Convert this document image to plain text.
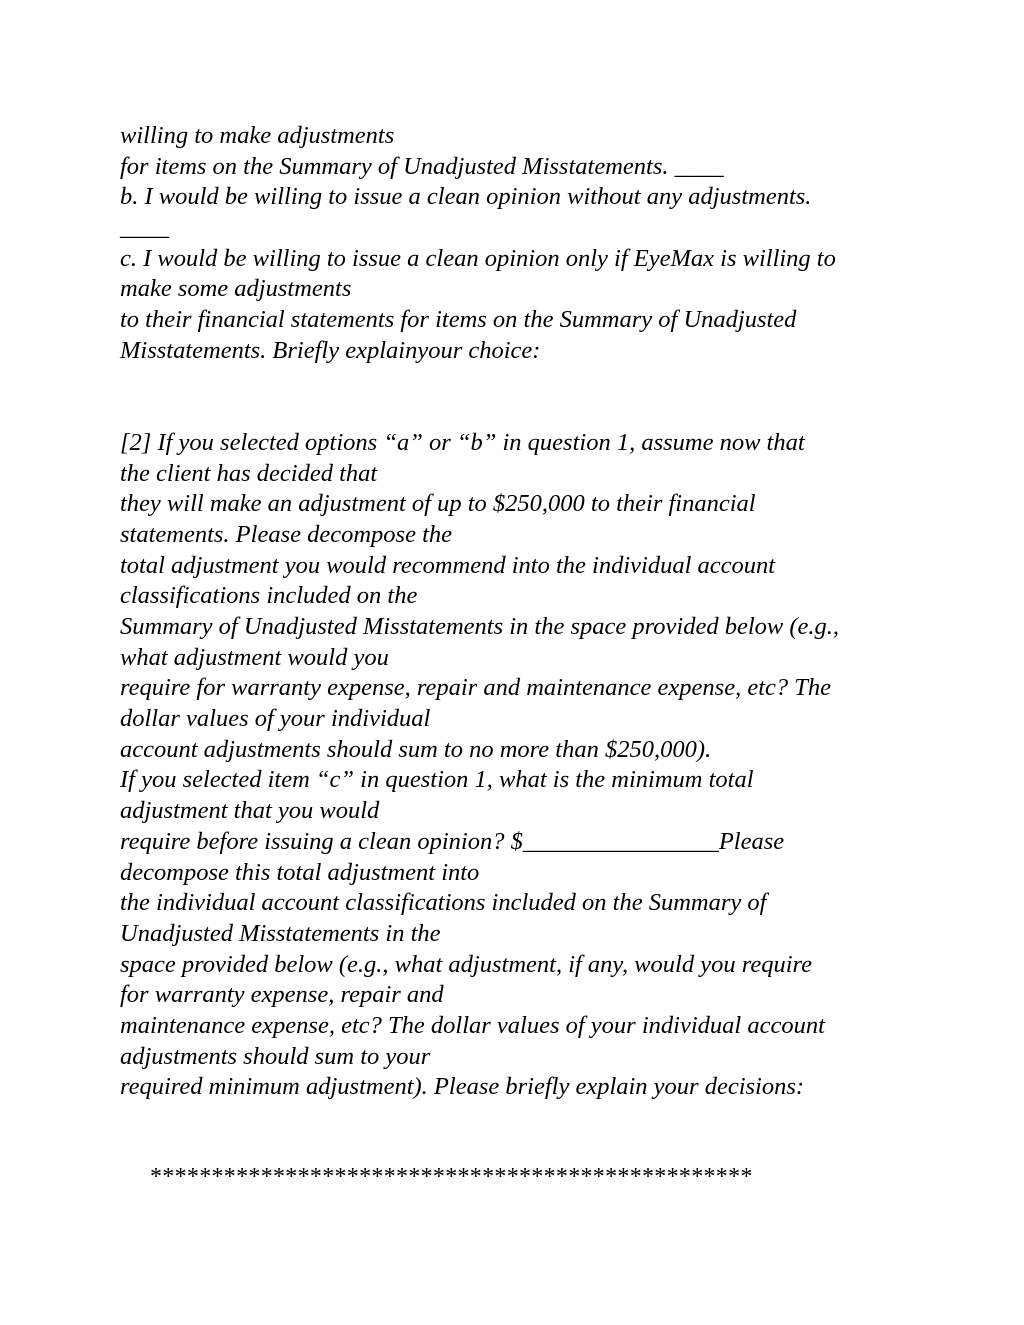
willing to make adjustments
for items on the Summary of Unadjusted Misstatements. ____
b. I would be willing to issue a clean opinion without any adjustments.
____
c. I would be willing to issue a clean opinion only if EyeMax is willing to
make some adjustments
to their financial statements for items on the Summary of Unadjusted
Misstatements. Briefly explainyour choice:
[2] If you selected options “a” or “b” in question 1, assume now that
the client has decided that
they will make an adjustment of up to $250,000 to their financial
statements. Please decompose the
total adjustment you would recommend into the individual account
classifications included on the
Summary of Unadjusted Misstatements in the space provided below (e.g.,
what adjustment would you
require for warranty expense, repair and maintenance expense, etc? The
dollar values of your individual
account adjustments should sum to no more than $250,000).
If you selected item “c” in question 1, what is the minimum total
adjustment that you would
require before issuing a clean opinion? $________________Please
decompose this total adjustment into
the individual account classifications included on the Summary of
Unadjusted Misstatements in the
space provided below (e.g., what adjustment, if any, would you require
for warranty expense, repair and
maintenance expense, etc? The dollar values of your individual account
adjustments should sum to your
required minimum adjustment). Please briefly explain your decisions:
*************************************************
